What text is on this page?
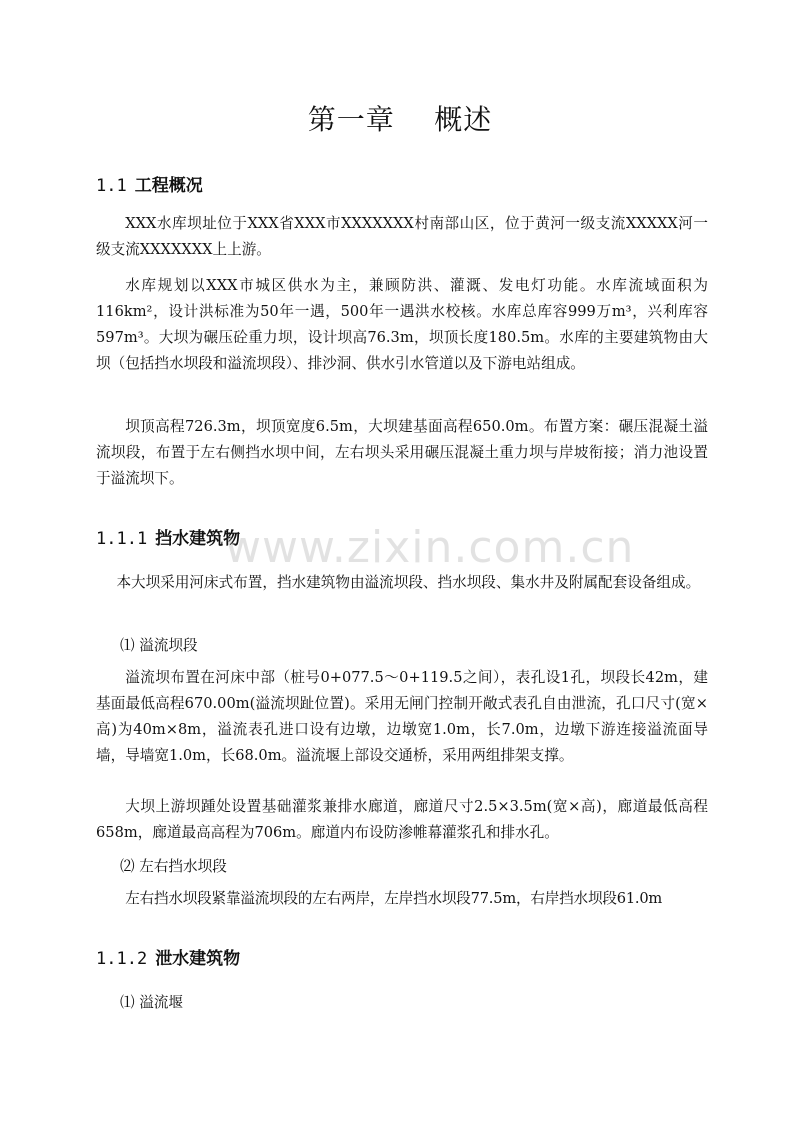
第一章    概述
1.1 工程概况

XXX水库坝址位于XXX省XXX市XXXXXXX村南部山区，位于黄河一级支流XXXXX河一级支流XXXXXXX上上游。

水库规划以XXX市城区供水为主，兼顾防洪、灌溉、发电灯功能。水库流域面积为116km²，设计洪标准为50年一遇，500年一遇洪水校核。水库总库容999万m³，兴利库容597m³。大坝为碾压砼重力坝，设计坝高76.3m，坝顶长度180.5m。水库的主要建筑物由大坝（包括挡水坝段和溢流坝段）、排沙洞、供水引水管道以及下游电站组成。

坝顶高程726.3m，坝顶宽度6.5m，大坝建基面高程650.0m。布置方案：碾压混凝土溢流坝段，布置于左右侧挡水坝中间，左右坝头采用碾压混凝土重力坝与岸坡衔接；消力池设置于溢流坝下。

1.1.1 挡水建筑物

本大坝采用河床式布置，挡水建筑物由溢流坝段、挡水坝段、集水井及附属配套设备组成。

⑴ 溢流坝段

溢流坝布置在河床中部（桩号0+077.5～0+119.5之间），表孔设1孔，坝段长42m，建基面最低高程670.00m(溢流坝趾位置)。采用无闸门控制开敞式表孔自由泄流，孔口尺寸(宽×高)为40m×8m，溢流表孔进口设有边墩，边墩宽1.0m，长7.0m，边墩下游连接溢流面导墙，导墙宽1.0m，长68.0m。溢流堰上部设交通桥，采用两组排架支撑。

大坝上游坝踵处设置基础灌浆兼排水廊道，廊道尺寸2.5×3.5m(宽×高)，廊道最低高程658m，廊道最高高程为706m。廊道内布设防渗帷幕灌浆孔和排水孔。

⑵ 左右挡水坝段

左右挡水坝段紧靠溢流坝段的左右两岸，左岸挡水坝段77.5m，右岸挡水坝段61.0m

1.1.2 泄水建筑物

⑴ 溢流堰

www.zixin.com.cn
